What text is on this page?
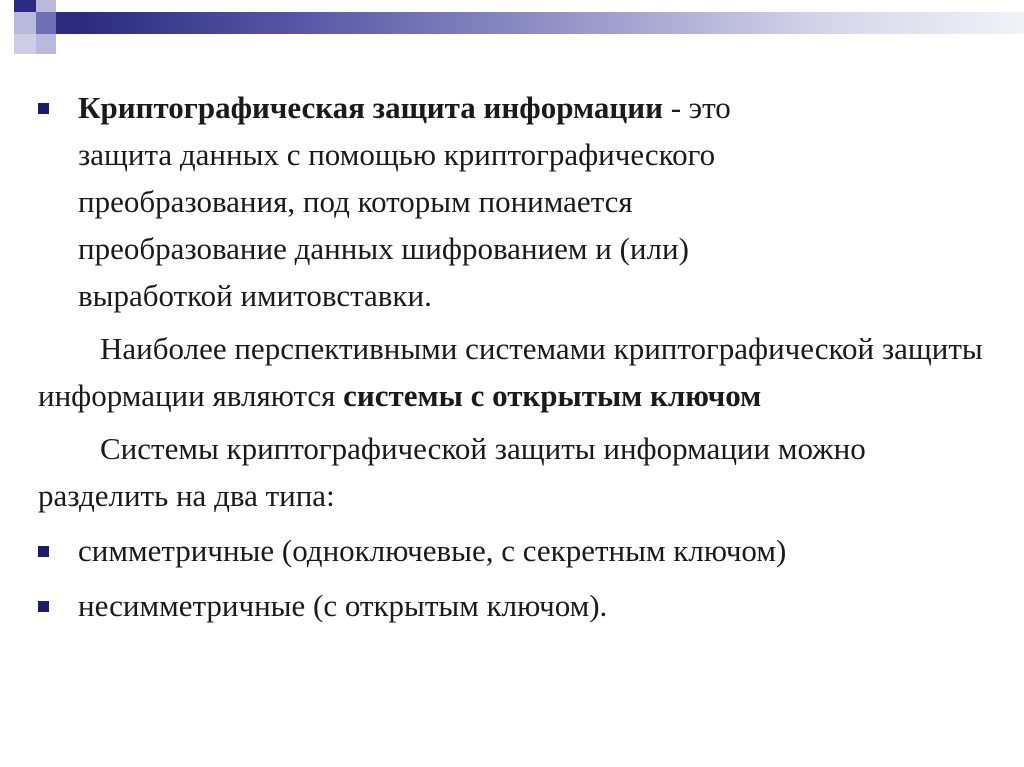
Криптографическая защита информации - это
защита данных с помощью криптографического
преобразования, под которым понимается
преобразование данных шифрованием и (или)
выработкой имитовставки.
Наиболее перспективными системами криптографической защиты информации являются системы с открытым ключом
Системы криптографической защиты информации можно разделить на два типа:
симметричные (одноключевые, с секретным ключом)
несимметричные (с открытым ключом).
